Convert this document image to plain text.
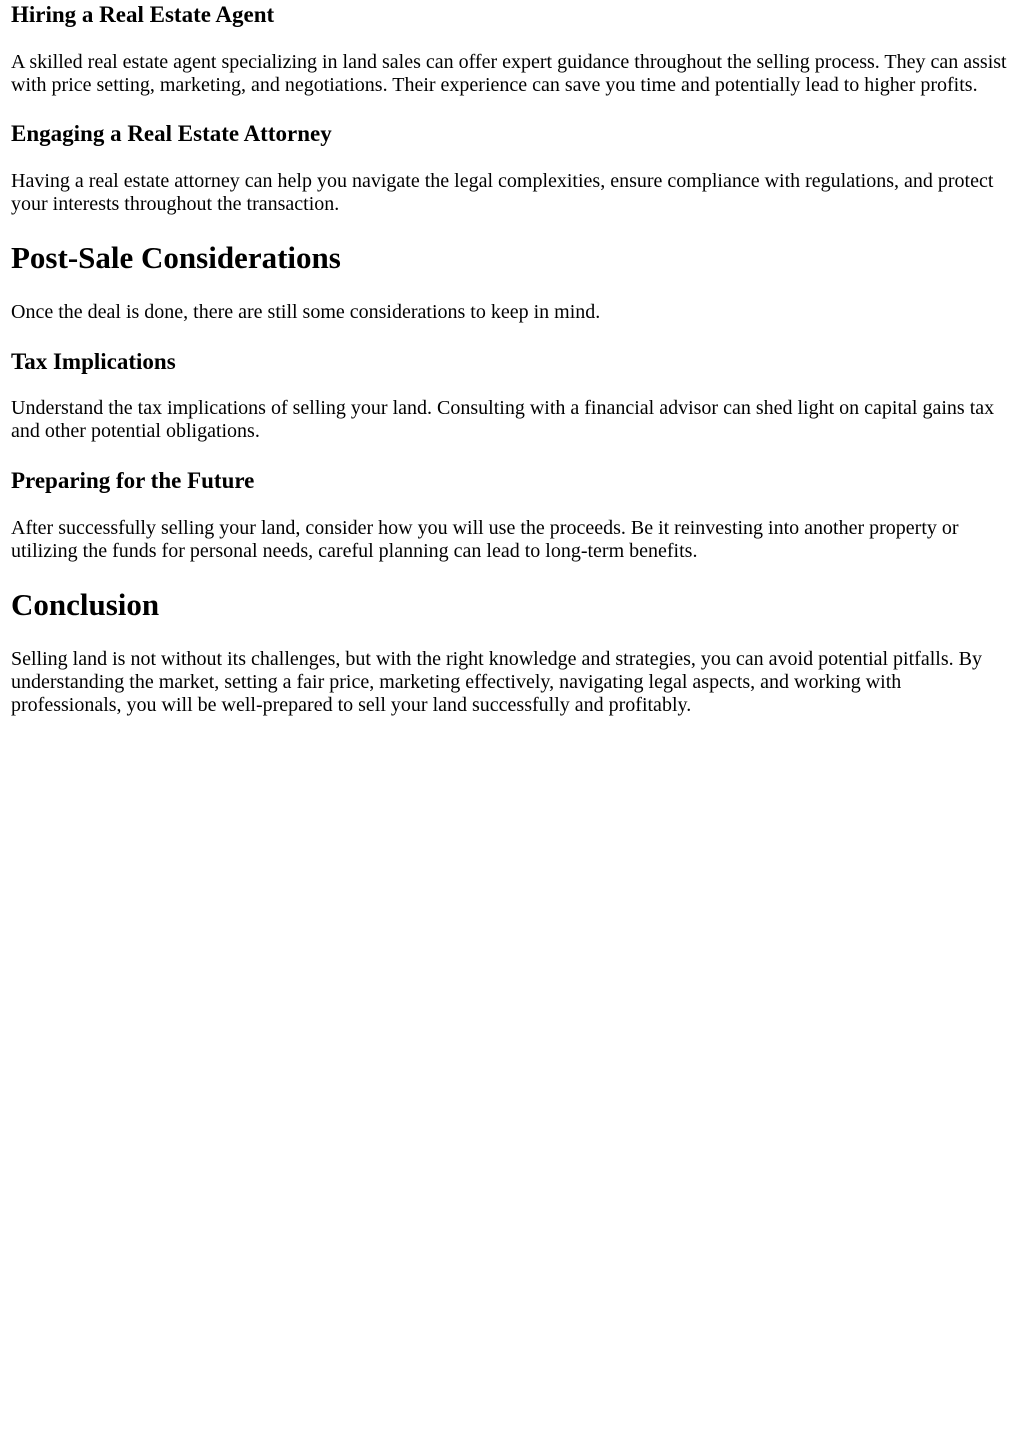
Hiring a Real Estate Agent

A skilled real estate agent specializing in land sales can offer expert guidance throughout the selling process. They can assist with price setting, marketing, and negotiations. Their experience can save you time and potentially lead to higher profits.

Engaging a Real Estate Attorney

Having a real estate attorney can help you navigate the legal complexities, ensure compliance with regulations, and protect your interests throughout the transaction.

Post-Sale Considerations

Once the deal is done, there are still some considerations to keep in mind.

Tax Implications

Understand the tax implications of selling your land. Consulting with a financial advisor can shed light on capital gains tax and other potential obligations.

Preparing for the Future

After successfully selling your land, consider how you will use the proceeds. Be it reinvesting into another property or utilizing the funds for personal needs, careful planning can lead to long-term benefits.

Conclusion

Selling land is not without its challenges, but with the right knowledge and strategies, you can avoid potential pitfalls. By understanding the market, setting a fair price, marketing effectively, navigating legal aspects, and working with professionals, you will be well-prepared to sell your land successfully and profitably.
